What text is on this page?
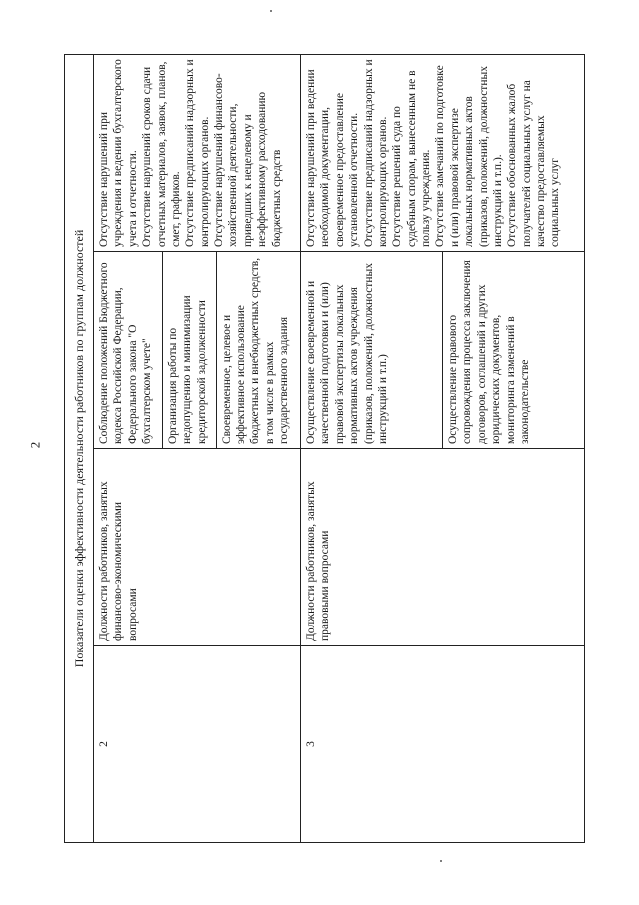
2 Показатели оценки эффективности деятельности работников по группам должностей			
2	Должности работников, занятых финансово-экономическими вопросами	Соблюдение положений Бюджетного кодекса Российской Федерации, Федерального закона "О бухгалтерском учете"	Отсутствие нарушений при учреждения и ведении бухгалтерского учета и отчетности. Отсутствие нарушений сроков сдачи отчетных материалов, заявок, планов, смет, графиков. Отсутствие предписаний надзорных и контролирующих органов. Отсутствие нарушений финансово-хозяйственной деятельности, приведших к нецелевому и неэффективному расходованию бюджетных средств

		Организация работы по недопущению и минимизации кредиторской задолженности	
		Своевременное, целевое и эффективное использование бюджетных и внебюджетных средств, в том числе в рамках государственного задания	
3	Должности работников, занятых правовыми вопросами	Осуществление своевременной и качественной подготовки и (или) правовой экспертизы локальных нормативных актов учреждения (приказов, положений, должностных инструкций и т.п.)	Отсутствие нарушений при ведении необходимой документации, своевременное предоставление установленной отчетности. Отсутствие предписаний надзорных и контролирующих органов. Отсутствие решений суда по судебным спорам, вынесенным не в пользу учреждения. Отсутствие замечаний по подготовке и (или) правовой экспертизе локальных нормативных актов (приказов, положений, должностных инструкций и т.п.). Отсутствие обоснованных жалоб получателей социальных услуг на качество предоставляемых социальных услуг

		Осуществление правового сопровождения процесса заключения договоров, соглашений и других юридических документов, мониторинга изменений в законодательстве	
